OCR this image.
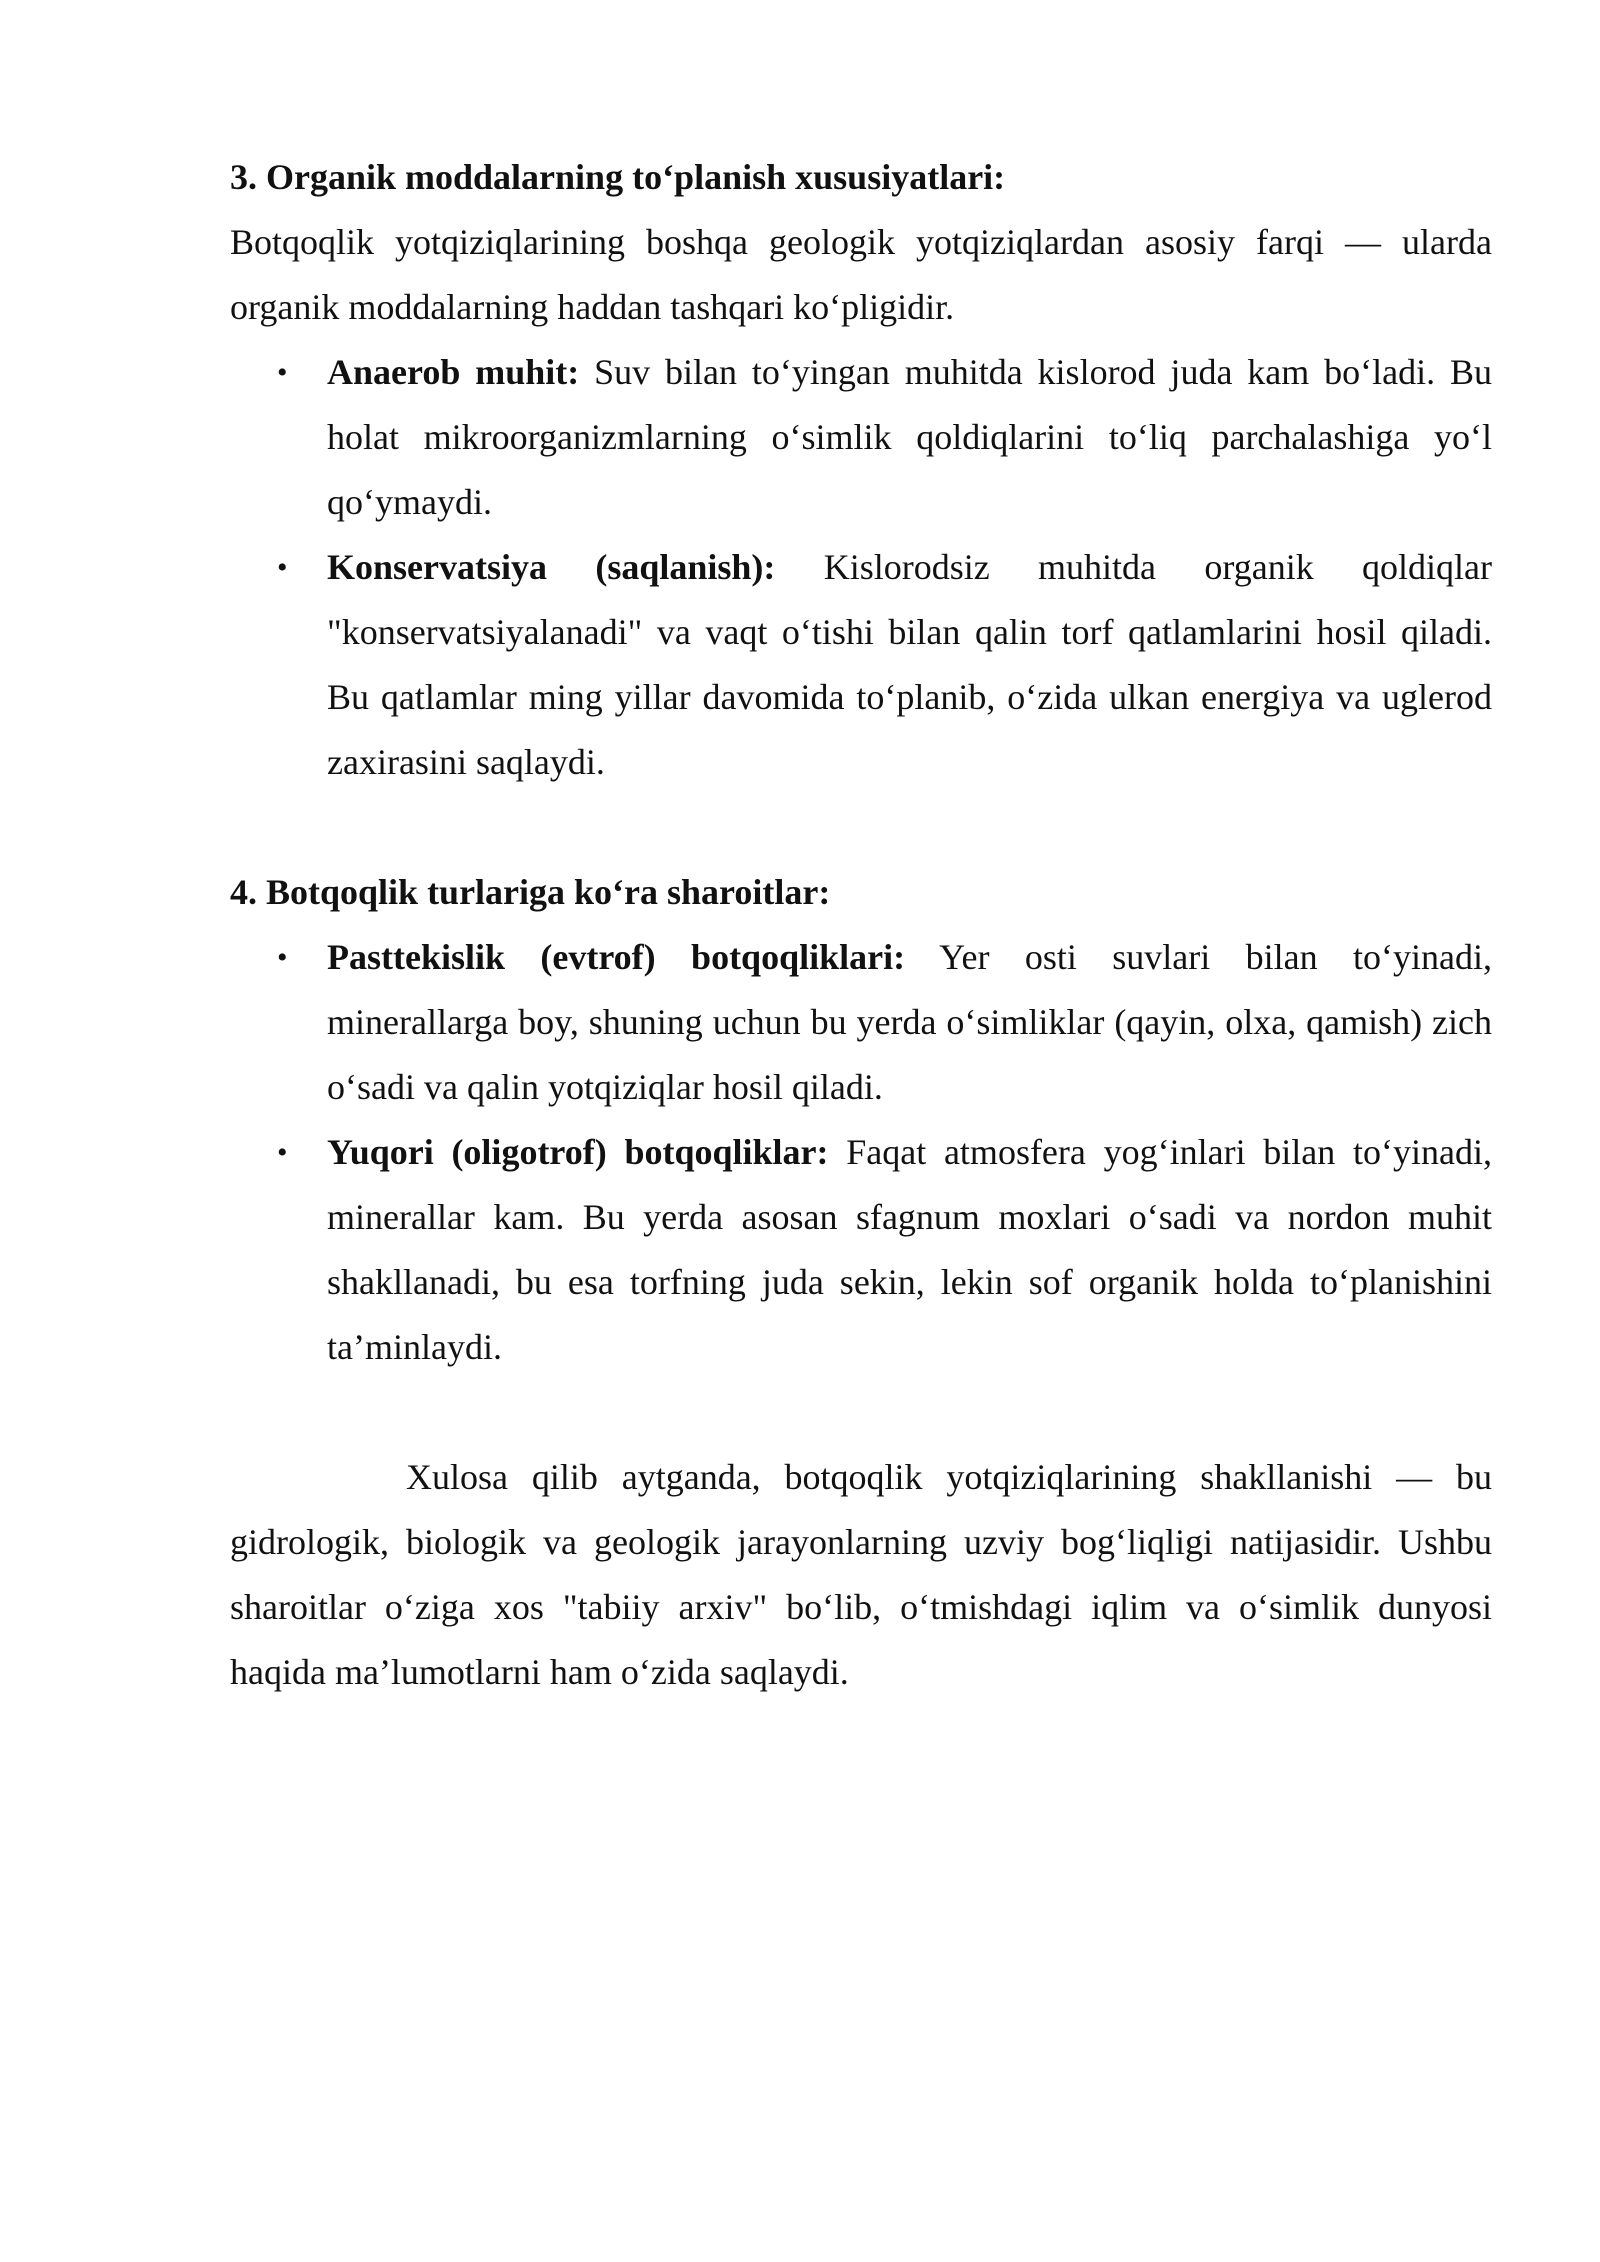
3. Organik moddalarning to‘planish xususiyatlari:

Botqoqlik yotqiziqlarining boshqa geologik yotqiziqlardan asosiy farqi — ularda organik moddalarning haddan tashqari ko‘pligidir.

• Anaerob muhit: Suv bilan to‘yingan muhitda kislorod juda kam bo‘ladi. Bu holat mikroorganizmlarning o‘simlik qoldiqlarini to‘liq parchalashiga yo‘l qo‘ymaydi.
• Konservatsiya (saqlanish): Kislorodsiz muhitda organik qoldiqlar "konservatsiyalanadi" va vaqt o‘tishi bilan qalin torf qatlamlarini hosil qiladi. Bu qatlamlar ming yillar davomida to‘planib, o‘zida ulkan energiya va uglerod zaxirasini saqlaydi.

4. Botqoqlik turlariga ko‘ra sharoitlar:

• Pasttekislik (evtrof) botqoqliklari: Yer osti suvlari bilan to‘yinadi, minerallarga boy, shuning uchun bu yerda o‘simliklar (qayin, olxa, qamish) zich o‘sadi va qalin yotqiziqlar hosil qiladi.
• Yuqori (oligotrof) botqoqliklar: Faqat atmosfera yog‘inlari bilan to‘yinadi, minerallar kam. Bu yerda asosan sfagnum moxlari o‘sadi va nordon muhit shakllanadi, bu esa torfning juda sekin, lekin sof organik holda to‘planishini ta’minlaydi.

Xulosa qilib aytganda, botqoqlik yotqiziqlarining shakllanishi — bu gidrologik, biologik va geologik jarayonlarning uzviy bog‘liqligi natijasidir. Ushbu sharoitlar o‘ziga xos "tabiiy arxiv" bo‘lib, o‘tmishdagi iqlim va o‘simlik dunyosi haqida ma’lumotlarni ham o‘zida saqlaydi.
